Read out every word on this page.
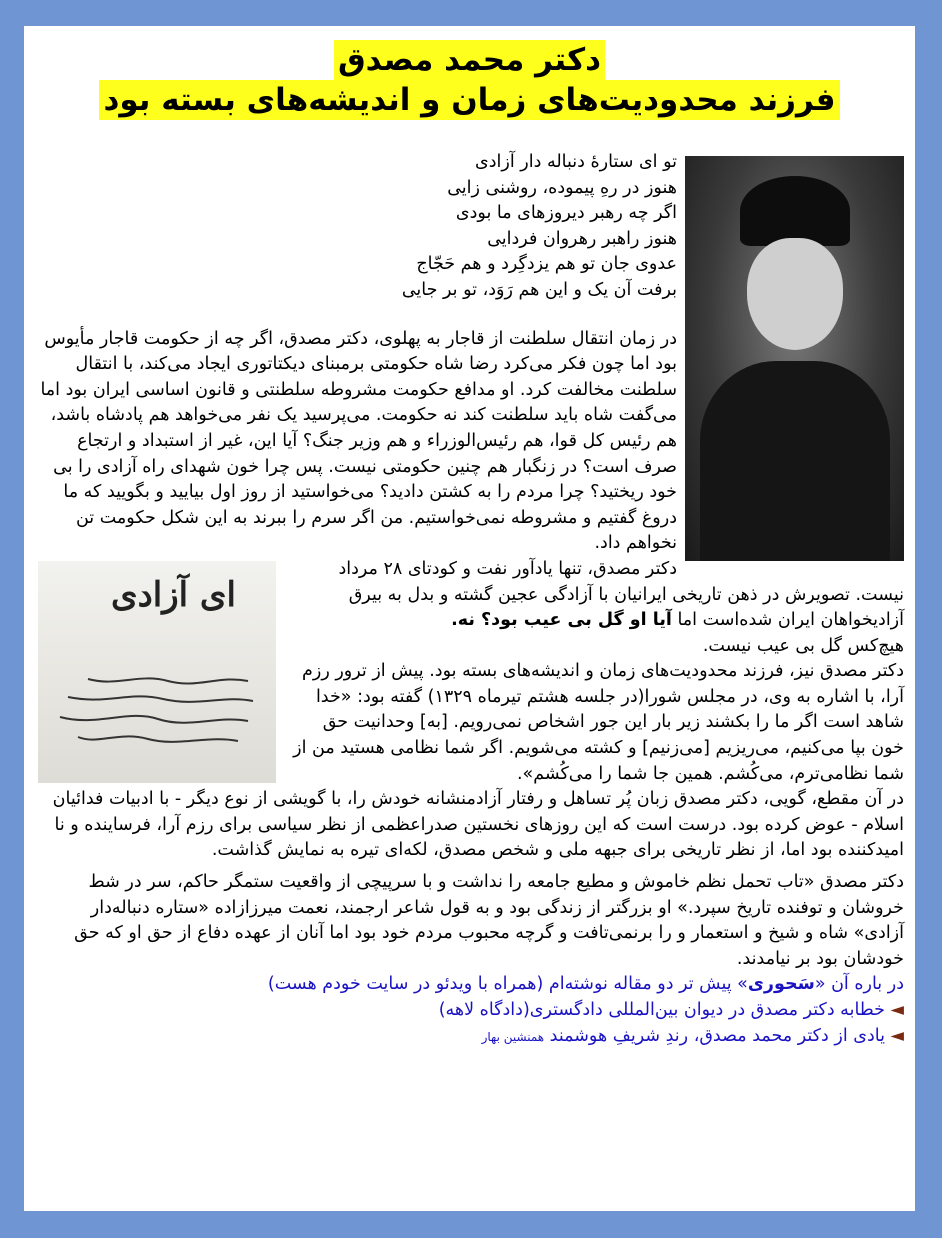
دکتر محمد مصدق
فرزند محدودیت‌های زمان و اندیشه‌های بسته بود

تو ای ستارهٔ دنباله دار آزادی

هنوز در رهِ پیموده، روشنی زایی

اگر چه رهبر دیروزهای ما بودی

هنوز راهبر رهروان فردایی

عدوی جان تو هم یزدگِرد و هم حَجّاج

برفت آن یک و این هم رَوَد، تو بر جایی

در زمان انتقال سلطنت از قاجار به پهلوی، دکتر مصدق، اگر چه از حکومت قاجار مأیوس بود اما چون فکر می‌کرد رضا شاه حکومتی برمبنای دیکتاتوری ایجاد می‌کند، با انتقال سلطنت مخالفت کرد. او مدافع حکومت مشروطه سلطنتی و قانون اساسی ایران بود اما می‌گفت شاه باید سلطنت کند نه حکومت. می‌پرسید یک نفر می‌خواهد هم پادشاه باشد، هم رئیس کل قوا، هم رئیس‌الوزراء و هم وزیر جنگ؟ آیا این، غیر از استبداد و ارتجاع صرف است؟ در زنگبار هم چنین حکومتی نیست. پس چرا خون شهدای راه آزادی را بی خود ریختید؟ چرا مردم را به کشتن دادید؟ می‌خواستید از روز اول بیایید و بگویید که ما دروغ گفتیم و مشروطه نمی‌خواستیم. من اگر سرم را ببرند به این شکل حکومت تن نخواهم داد.

ای آزادی

دکتر مصدق، تنها یادآور نفت و کودتای ۲۸ مرداد نیست. تصویرش در ذهن تاریخی ایرانیان با آزادگی عجین گشته و بدل به بیرق آزادیخواهان ایران شده‌است اما آیا او گل بی عیب بود؟ نه.

هیچ‌کس گل بی عیب نیست.

دکتر مصدق نیز، فرزند محدودیت‌های زمان و اندیشه‌های بسته بود. پیش از ترور رزم آرا، با اشاره به وی، در مجلس شورا(در جلسه هشتم تیرماه ۱۳۲۹) گفته بود: «خدا شاهد است اگر ما را بکشند زیر بار این جور اشخاص نمی‌رویم. [به] وحدانیت حق خون بپا می‌کنیم، می‌ریزیم [می‌زنیم] و کشته می‌شویم. اگر شما نظامی هستید من از شما نظامی‌ترم، می‌کُشم. همین جا شما را می‌کُشم».

در آن مقطع، گویی، دکتر مصدق زبان پُر تساهل و رفتار آزادمنشانه خودش را، با گویشی از نوع دیگر - با ادبیات فدائیان اسلام - عوض کرده بود. درست است که این روزهای نخستین صدراعظمی از نظر سیاسی برای رزم آرا، فرساینده و نا امیدکننده بود اما، از نظر تاریخی برای جبهه ملی و شخص مصدق، لکه‌ای تیره به نمایش گذاشت.

دکتر مصدق «تاب تحمل نظم خاموش و مطیع جامعه را نداشت و با سرپیچی از واقعیت ستمگر حاکم، سر در شط خروشان و توفنده تاریخ سپرد.» او بزرگتر از زندگی بود و به قول شاعر ارجمند، نعمت میرزازاده «ستاره دنباله‌دار آزادی» شاه و شیخ و استعمار و را برنمی‌تافت و گرچه محبوب مردم خود بود اما آنان از عهده دفاع از حق او که حق خودشان بود بر نیامدند.

در باره آن «سَحوری» پیش تر دو مقاله نوشته‌ام (همراه با ویدئو در سایت خودم هست)

◄ خطابه دکتر مصدق در دیوان بین‌المللی دادگستری(دادگاه لاهه)

◄ یادی از دکتر محمد مصدق، رندِ شریفِ هوشمند همنشین بهار
